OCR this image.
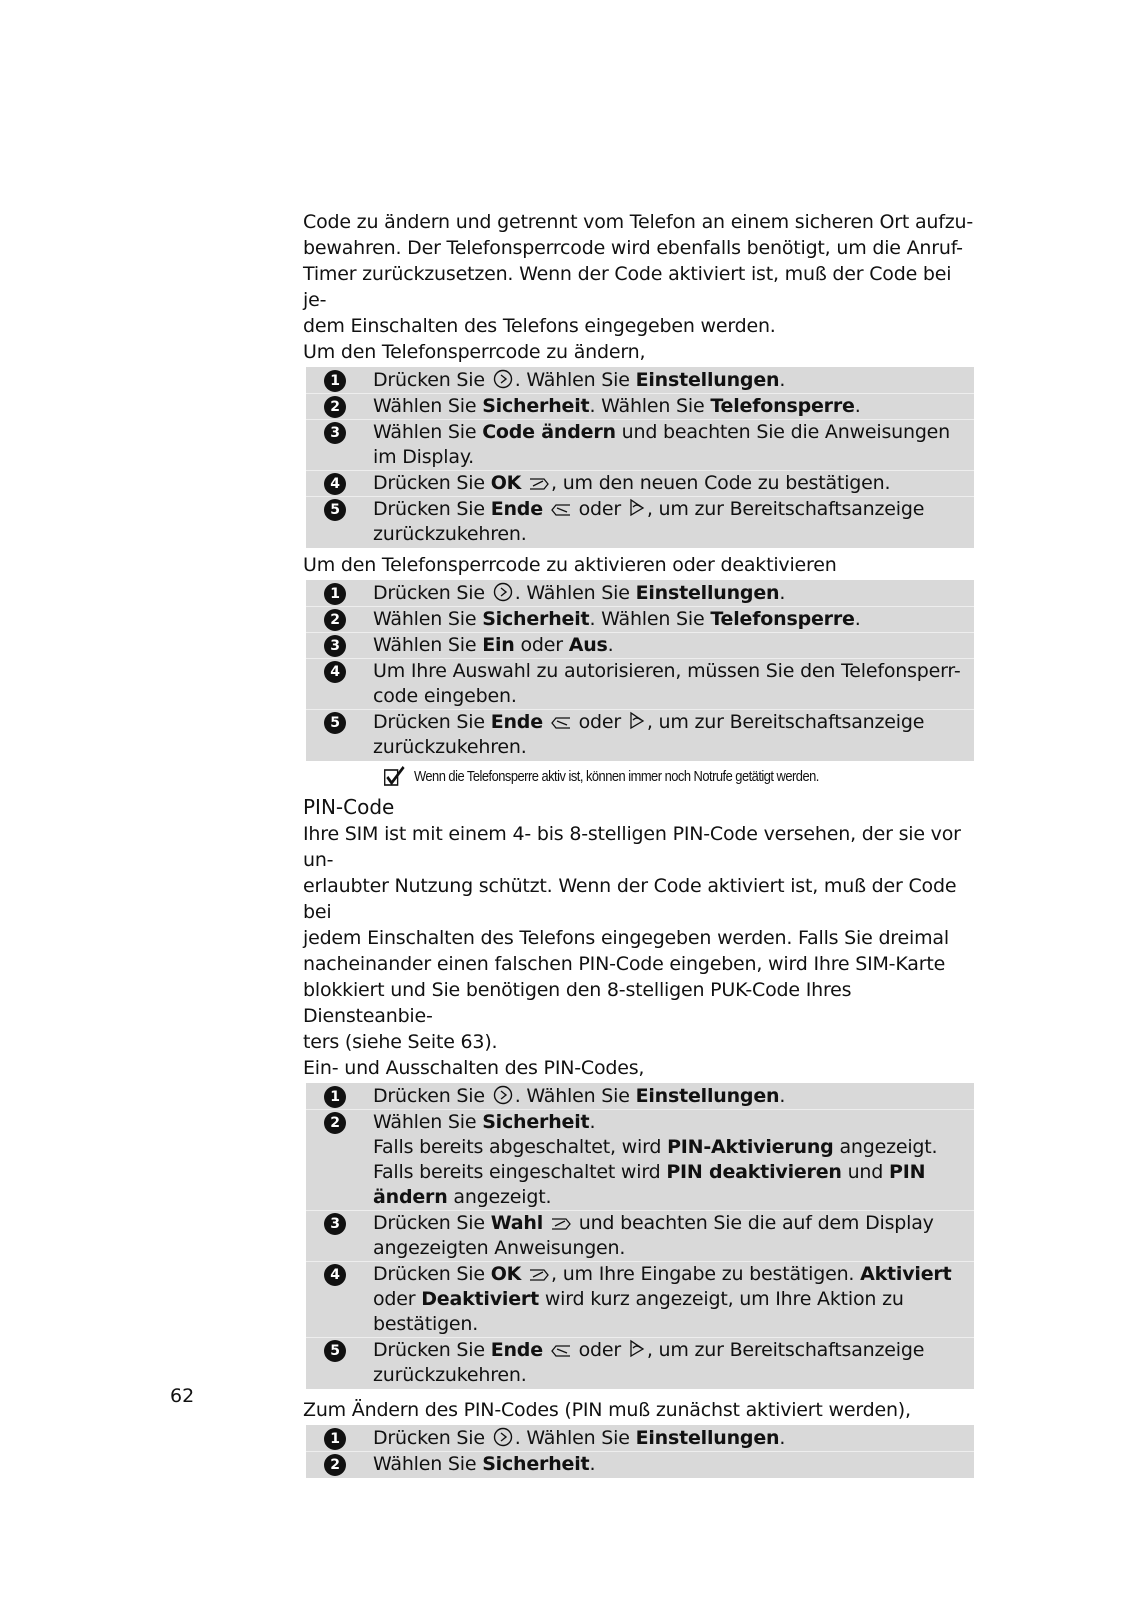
Code zu ändern und getrennt vom Telefon an einem sicheren Ort aufzu-
bewahren. Der Telefonsperrcode wird ebenfalls benötigt, um die Anruf-
Timer zurückzusetzen. Wenn der Code aktiviert ist, muß der Code bei je-
dem Einschalten des Telefons eingegeben werden.
Um den Telefonsperrcode zu ändern,

1	Drücken Sie . Wählen Sie Einstellungen.
2	Wählen Sie Sicherheit. Wählen Sie Telefonsperre.
3	Wählen Sie Code ändern und beachten Sie die Anweisungen im Display.
4	Drücken Sie OK , um den neuen Code zu bestätigen.
5	Drücken Sie Ende oder , um zur Bereitschaftsanzeige zurückzukehren.

Um den Telefonsperrcode zu aktivieren oder deaktivieren

1	Drücken Sie . Wählen Sie Einstellungen.
2	Wählen Sie Sicherheit. Wählen Sie Telefonsperre.
3	Wählen Sie Ein oder Aus.
4	Um Ihre Auswahl zu autorisieren, müssen Sie den Telefonsperr-code eingeben.
5	Drücken Sie Ende oder , um zur Bereitschaftsanzeige zurückzukehren.
Wenn die Telefonsperre aktiv ist, können immer noch Notrufe getätigt werden.

PIN-Code

Ihre SIM ist mit einem 4- bis 8-stelligen PIN-Code versehen, der sie vor un-
erlaubter Nutzung schützt. Wenn der Code aktiviert ist, muß der Code bei
jedem Einschalten des Telefons eingegeben werden. Falls Sie dreimal
nacheinander einen falschen PIN-Code eingeben, wird Ihre SIM-Karte
blokkiert und Sie benötigen den 8-stelligen PUK-Code Ihres Diensteanbie-
ters (siehe Seite 63).
Ein- und Ausschalten des PIN-Codes,

1	Drücken Sie . Wählen Sie Einstellungen.
2	Wählen Sie Sicherheit.
Falls bereits abgeschaltet, wird PIN-Aktivierung angezeigt.
Falls bereits eingeschaltet wird PIN deaktivieren und PIN ändern angezeigt.
3	Drücken Sie Wahl und beachten Sie die auf dem Display angezeigten Anweisungen.
4	Drücken Sie OK , um Ihre Eingabe zu bestätigen. Aktiviert oder Deaktiviert wird kurz angezeigt, um Ihre Aktion zu bestätigen.
5	Drücken Sie Ende oder , um zur Bereitschaftsanzeige zurückzukehren.

Zum Ändern des PIN-Codes (PIN muß zunächst aktiviert werden),

1	Drücken Sie . Wählen Sie Einstellungen.
2	Wählen Sie Sicherheit.
62
